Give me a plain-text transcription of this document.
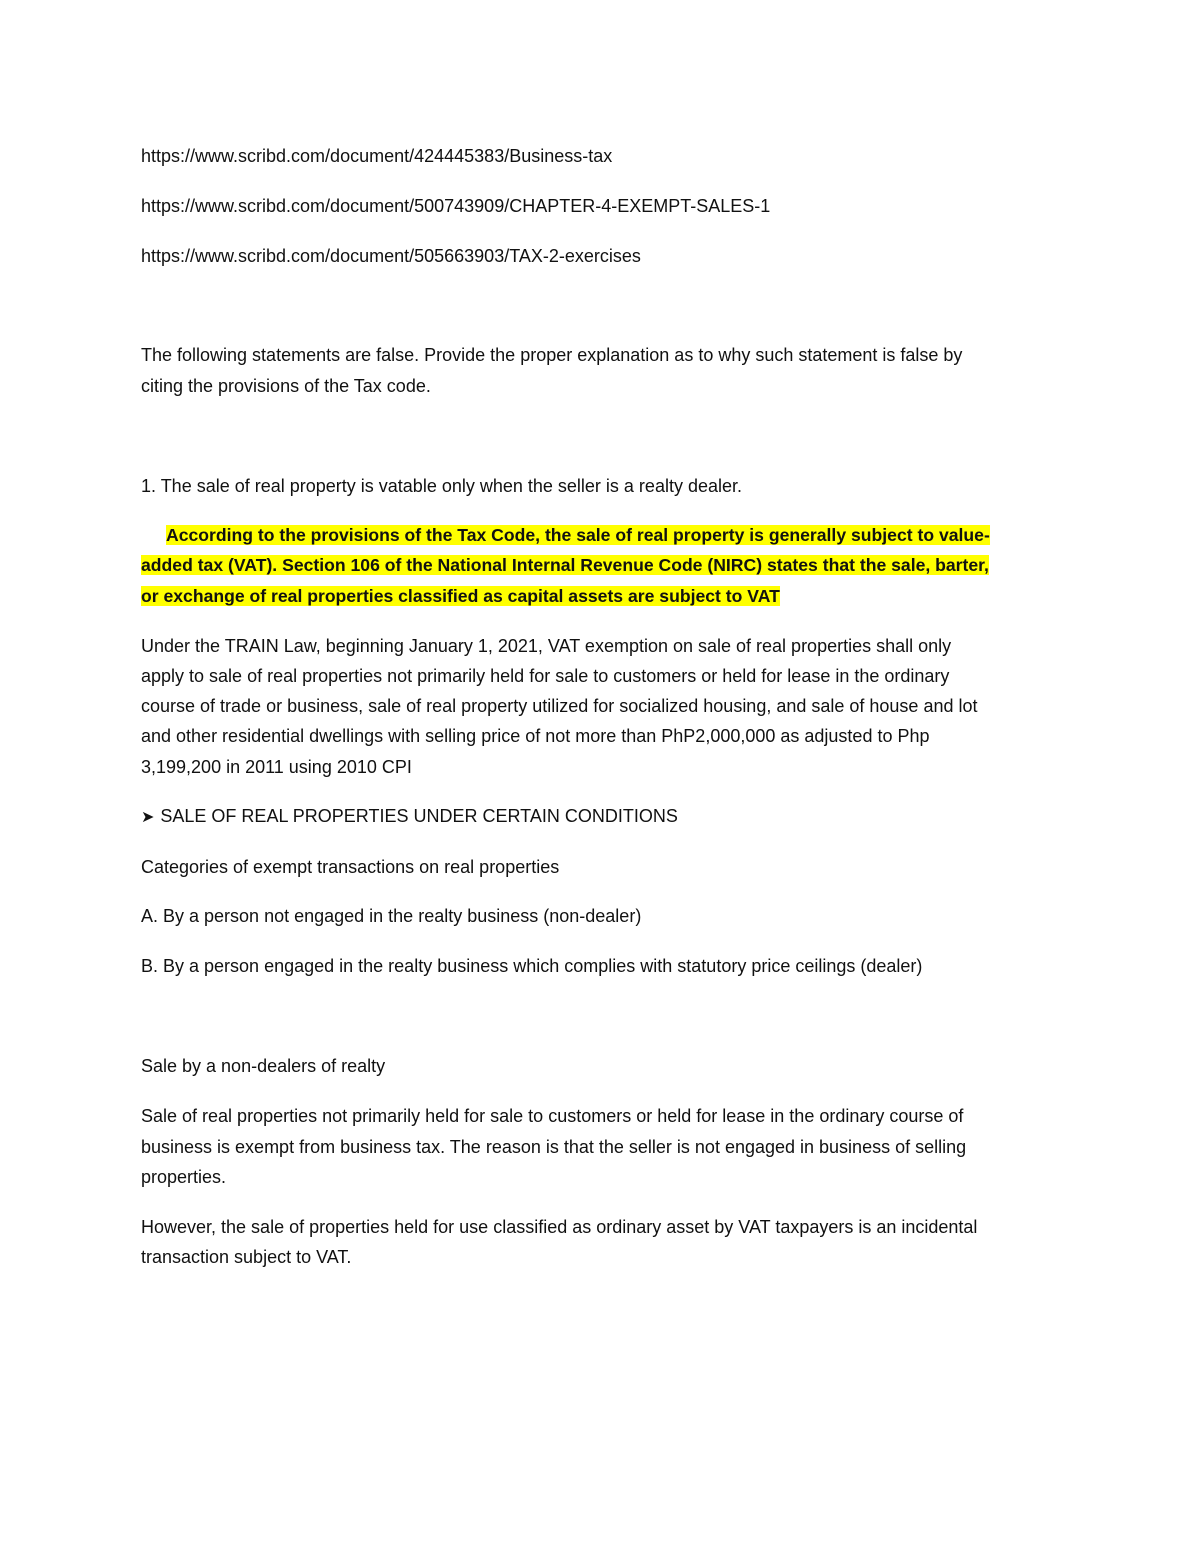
https://www.scribd.com/document/424445383/Business-tax

https://www.scribd.com/document/500743909/CHAPTER-4-EXEMPT-SALES-1

https://www.scribd.com/document/505663903/TAX-2-exercises

The following statements are false. Provide the proper explanation as to why such statement is false by

citing the provisions of the Tax code.

1. The sale of real property is vatable only when the seller is a realty dealer.

According to the provisions of the Tax Code, the sale of real property is generally subject to value-

added tax (VAT). Section 106 of the National Internal Revenue Code (NIRC) states that the sale, barter,

or exchange of real properties classified as capital assets are subject to VAT

Under the TRAIN Law, beginning January 1, 2021, VAT exemption on sale of real properties shall only

apply to sale of real properties not primarily held for sale to customers or held for lease in the ordinary

course of trade or business, sale of real property utilized for socialized housing, and sale of house and lot

and other residential dwellings with selling price of not more than PhP2,000,000 as adjusted to Php

3,199,200 in 2011 using 2010 CPI

➤ SALE OF REAL PROPERTIES UNDER CERTAIN CONDITIONS

Categories of exempt transactions on real properties

A. By a person not engaged in the realty business (non-dealer)

B. By a person engaged in the realty business which complies with statutory price ceilings (dealer)

Sale by a non-dealers of realty

Sale of real properties not primarily held for sale to customers or held for lease in the ordinary course of

business is exempt from business tax. The reason is that the seller is not engaged in business of selling

properties.

However, the sale of properties held for use classified as ordinary asset by VAT taxpayers is an incidental

transaction subject to VAT.
